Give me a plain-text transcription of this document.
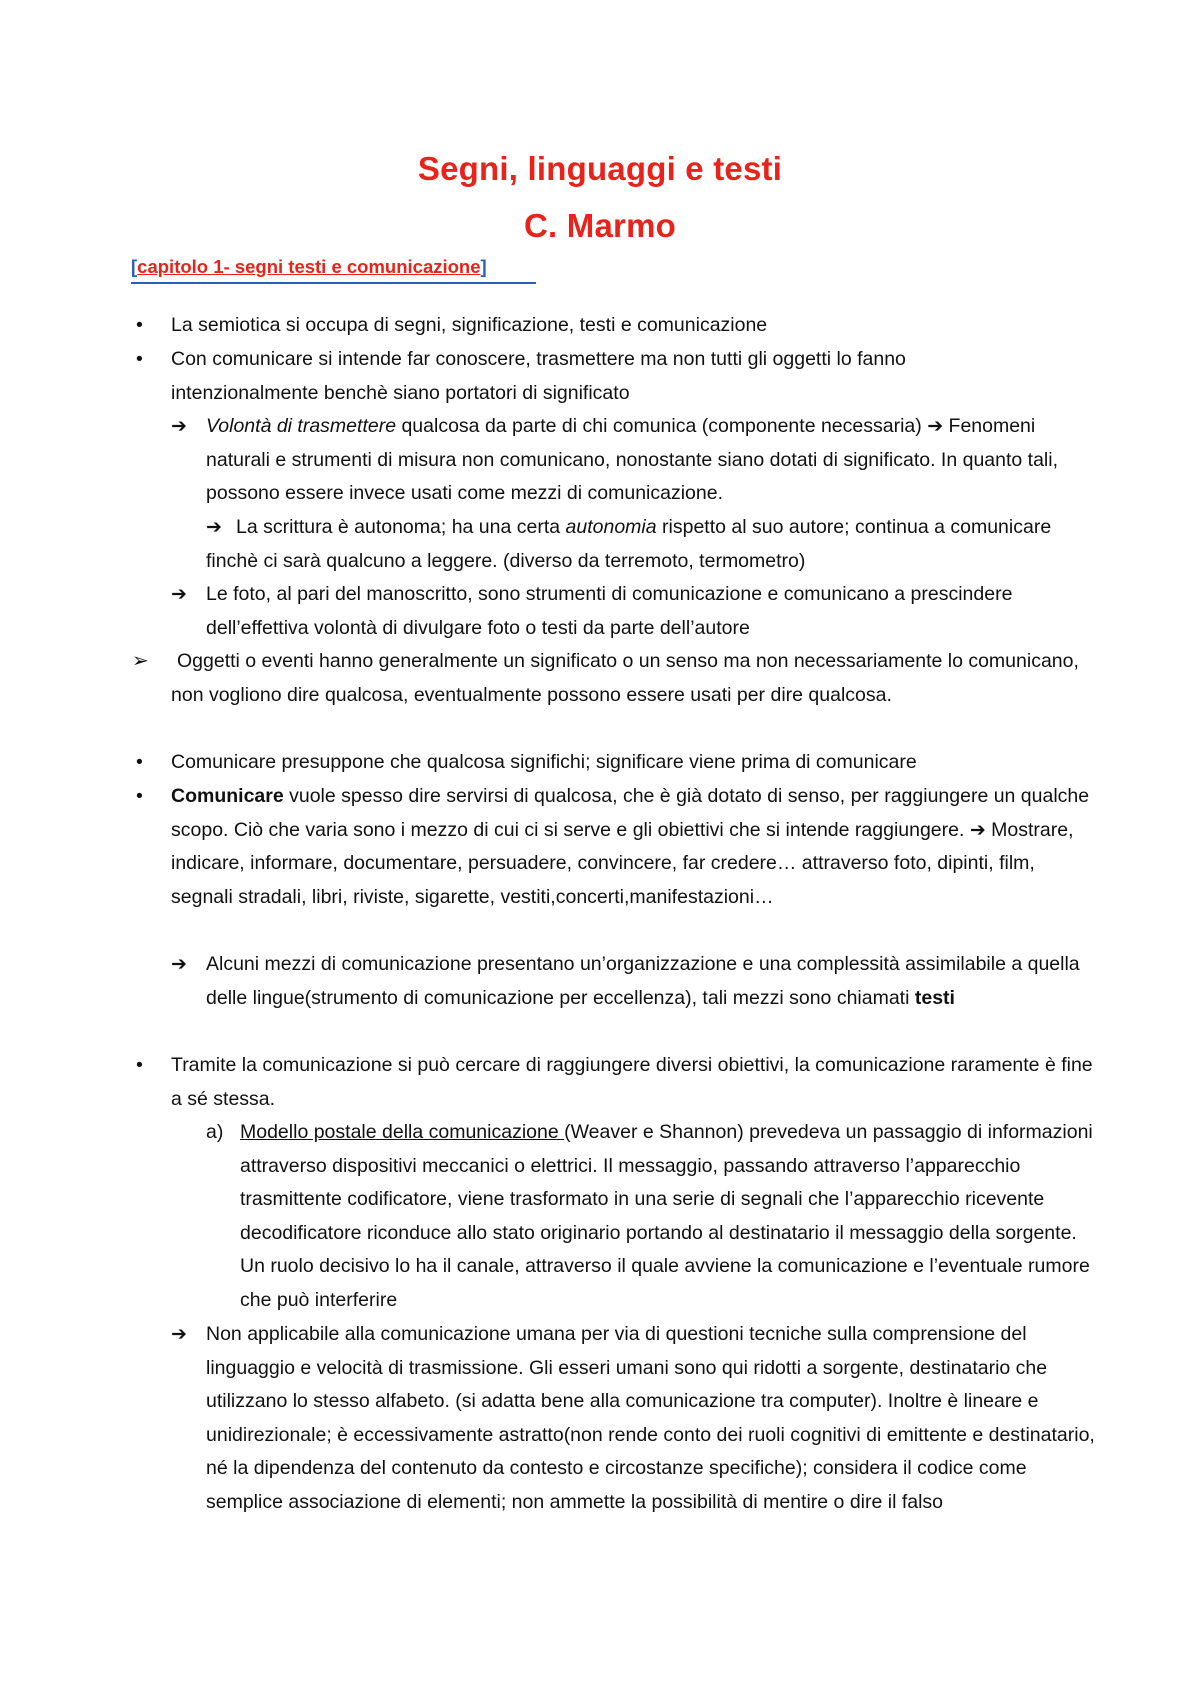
Segni, linguaggi e testi
C. Marmo
[capitolo 1- segni testi e comunicazione]
• La semiotica si occupa di segni, significazione, testi e comunicazione
• Con comunicare si intende far conoscere, trasmettere ma non tutti gli oggetti lo fanno intenzionalmente benchè siano portatori di significato
➔ Volontà di trasmettere qualcosa da parte di chi comunica (componente necessaria) ➔ Fenomeni naturali e strumenti di misura non comunicano, nonostante siano dotati di significato. In quanto tali, possono essere invece usati come mezzi di comunicazione.
➔ La scrittura è autonoma; ha una certa autonomia rispetto al suo autore; continua a comunicare finchè ci sarà qualcuno a leggere. (diverso da terremoto, termometro)
➔ Le foto, al pari del manoscritto, sono strumenti di comunicazione e comunicano a prescindere dell’effettiva volontà di divulgare foto o testi da parte dell’autore
➢	Oggetti o eventi hanno generalmente un significato o un senso ma non necessariamente lo comunicano, non vogliono dire qualcosa, eventualmente possono essere usati per dire qualcosa.
• Comunicare presuppone che qualcosa significhi; significare viene prima di comunicare
• Comunicare vuole spesso dire servirsi di qualcosa, che è già dotato di senso, per raggiungere un qualche scopo. Ciò che varia sono i mezzo di cui ci si serve e gli obiettivi che si intende raggiungere. ➔ Mostrare, indicare, informare, documentare, persuadere, convincere, far credere… attraverso foto, dipinti, film, segnali stradali, libri, riviste, sigarette, vestiti,concerti,manifestazioni…
➔ Alcuni mezzi di comunicazione presentano un’organizzazione e una complessità assimilabile a quella delle lingue(strumento di comunicazione per eccellenza), tali mezzi sono chiamati testi
• Tramite la comunicazione si può cercare di raggiungere diversi obiettivi, la comunicazione raramente è fine a sé stessa.
a) Modello postale della comunicazione (Weaver e Shannon) prevedeva un passaggio di informazioni attraverso dispositivi meccanici o elettrici. Il messaggio, passando attraverso l’apparecchio trasmittente codificatore, viene trasformato in una serie di segnali che l’apparecchio ricevente decodificatore riconduce allo stato originario portando al destinatario il messaggio della sorgente. Un ruolo decisivo lo ha il canale, attraverso il quale avviene la comunicazione e l’eventuale rumore che può interferire
➔ Non applicabile alla comunicazione umana per via di questioni tecniche sulla comprensione del linguaggio e velocità di trasmissione. Gli esseri umani sono qui ridotti a sorgente, destinatario che utilizzano lo stesso alfabeto. (si adatta bene alla comunicazione tra computer). Inoltre è lineare e unidirezionale; è eccessivamente astratto(non rende conto dei ruoli cognitivi di emittente e destinatario, né la dipendenza del contenuto da contesto e circostanze specifiche); considera il codice come semplice associazione di elementi; non ammette la possibilità di mentire o dire il falso
